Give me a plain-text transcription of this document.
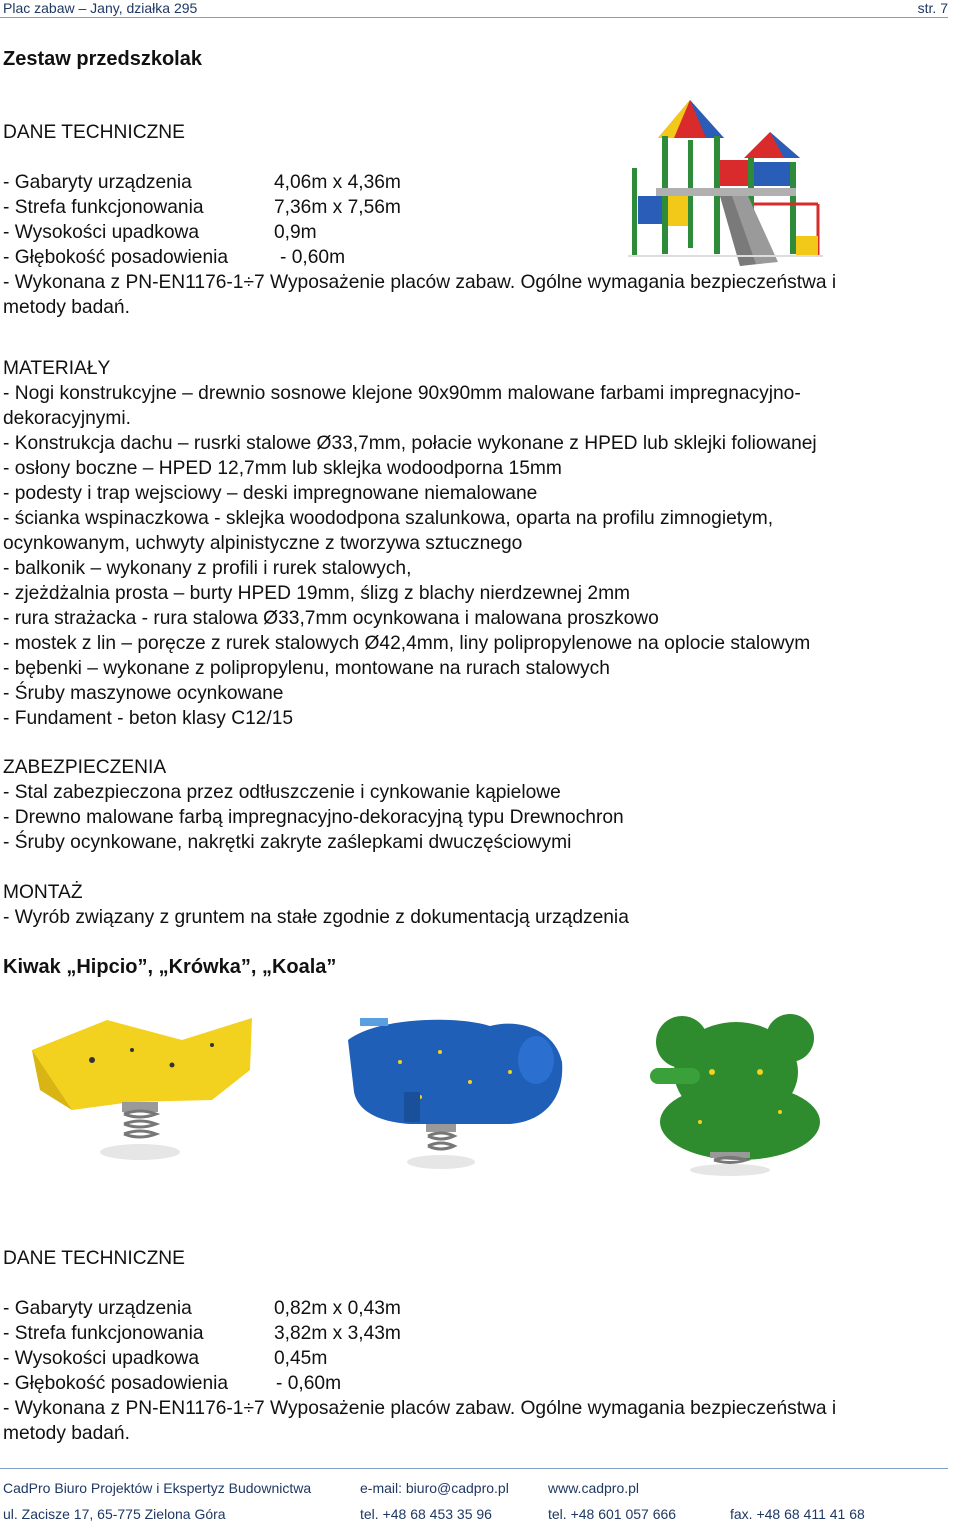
Plac zabaw – Jany, działka 295	str. 7
Zestaw przedszkolak
DANE TECHNICZNE
- Gabaryty urządzenia	4,06m x 4,36m
- Strefa funkcjonowania	7,36m x 7,56m
- Wysokości upadkowa	0,9m
- Głębokość posadowienia	- 0,60m
- Wykonana z PN-EN1176-1÷7 Wyposażenie placów zabaw. Ogólne wymagania bezpieczeństwa i
metody badań.
MATERIAŁY
- Nogi konstrukcyjne – drewnio sosnowe klejone 90x90mm malowane farbami impregnacyjno-
dekoracyjnymi.
- Konstrukcja dachu – rusrki stalowe Ø33,7mm, połacie wykonane z HPED lub sklejki foliowanej
- osłony boczne – HPED 12,7mm lub sklejka wodoodporna 15mm
- podesty i trap wejsciowy – deski impregnowane niemalowane
- ścianka wspinaczkowa - sklejka woododpona szalunkowa, oparta na profilu zimnogietym,
ocynkowanym, uchwyty alpinistyczne z tworzywa sztucznego
- balkonik – wykonany z profili i rurek stalowych,
- zjeżdżalnia prosta – burty HPED 19mm, ślizg z blachy nierdzewnej 2mm
- rura strażacka - rura stalowa Ø33,7mm ocynkowana i malowana proszkowo
- mostek z lin – poręcze z rurek stalowych Ø42,4mm, liny polipropylenowe na oplocie stalowym
- bębenki – wykonane z polipropylenu, montowane na rurach stalowych
- Śruby maszynowe ocynkowane
- Fundament - beton klasy C12/15
ZABEZPIECZENIA
- Stal zabezpieczona przez odtłuszczenie i cynkowanie kąpielowe
- Drewno malowane farbą impregnacyjno-dekoracyjną typu Drewnochron
- Śruby ocynkowane, nakrętki zakryte zaślepkami dwuczęściowymi
MONTAŻ
- Wyrób związany z gruntem na stałe zgodnie z dokumentacją urządzenia
Kiwak „Hipcio”, „Krówka”, „Koala”
DANE TECHNICZNE
- Gabaryty urządzenia	0,82m x 0,43m
- Strefa funkcjonowania	3,82m x 3,43m
- Wysokości upadkowa	0,45m
- Głębokość posadowienia - 0,60m
- Wykonana z PN-EN1176-1÷7 Wyposażenie placów zabaw. Ogólne wymagania bezpieczeństwa i
metody badań.
CadPro Biuro Projektów i Ekspertyz Budownictwa	e-mail: biuro@cadpro.pl	www.cadpro.pl
ul. Zacisze 17, 65-775 Zielona Góra	tel. +48 68 453 35 96	tel. +48 601 057 666	fax. +48 68 411 41 68
